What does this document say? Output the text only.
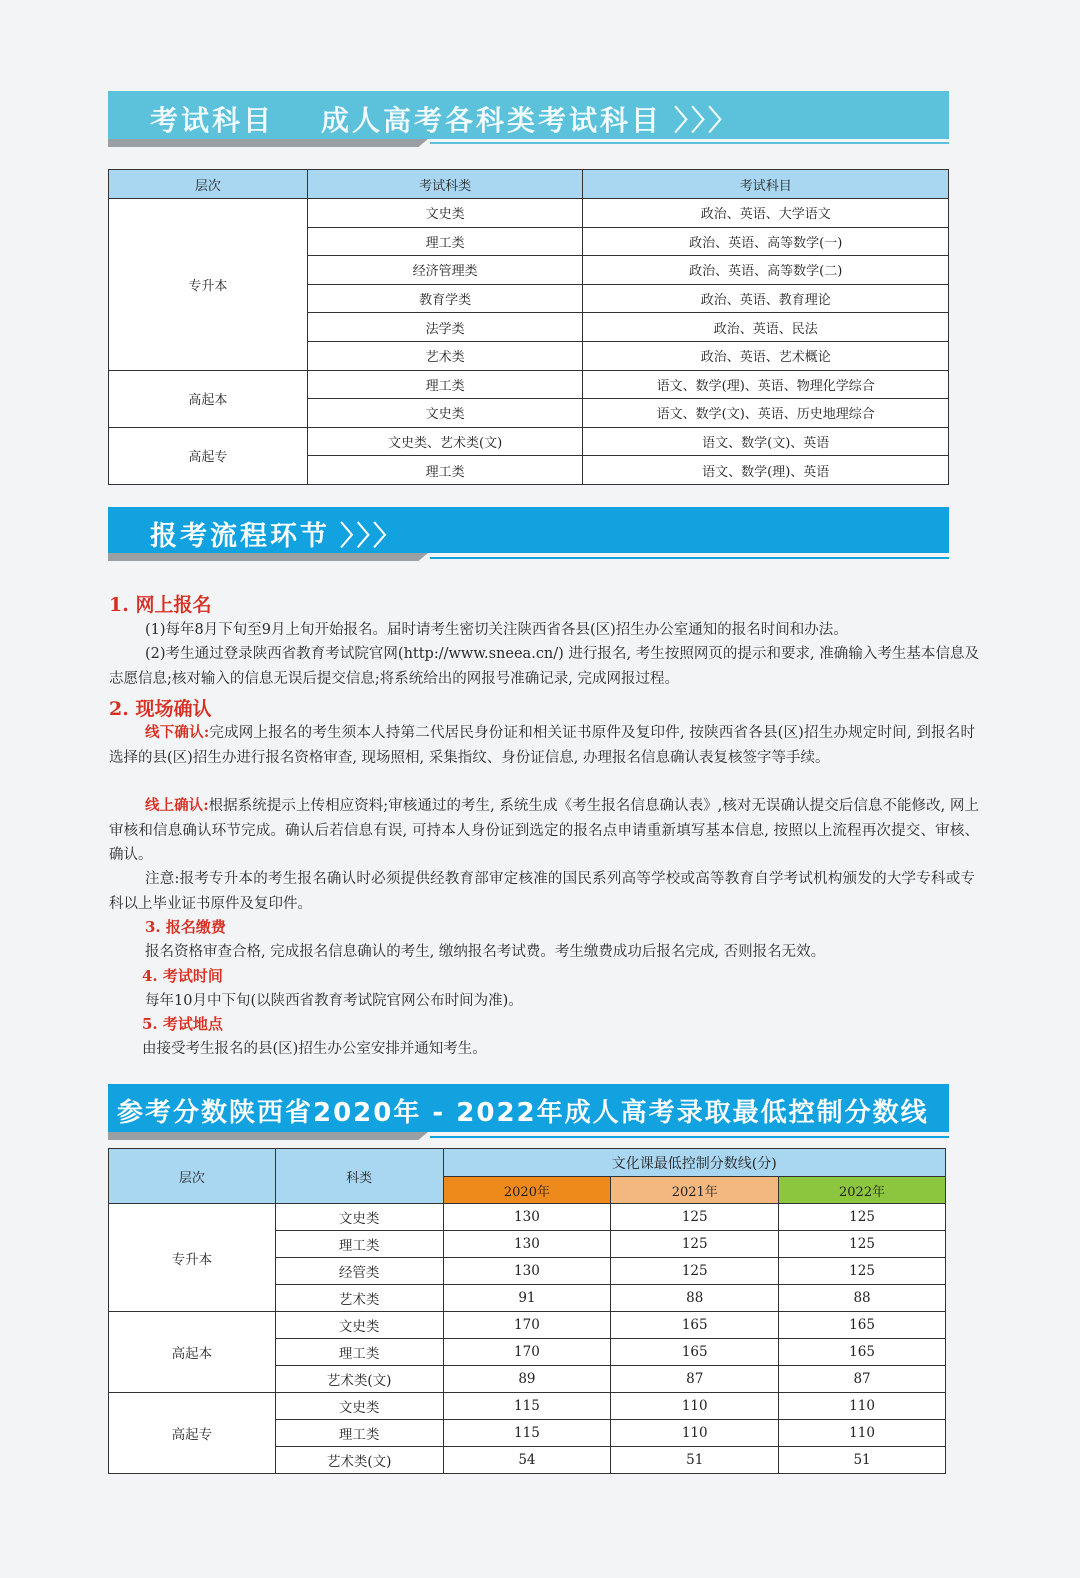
考试科目 成人高考各科类考试科目 〉〉〉
层次	考试科类	考试科目
专升本	文史类	政治、英语、大学语文
	理工类	政治、英语、高等数学(一)
	经济管理类	政治、英语、高等数学(二)
	教育学类	政治、英语、教育理论
	法学类	政治、英语、民法
	艺术类	政治、英语、艺术概论
高起本	理工类	语文、数学(理)、英语、物理化学综合
	文史类	语文、数学(文)、英语、历史地理综合
高起专	文史类、艺术类(文)	语文、数学(文)、英语
	理工类	语文、数学(理)、英语
报考流程环节 〉〉〉
1. 网上报名
(1)每年8月下旬至9月上旬开始报名。届时请考生密切关注陕西省各县(区)招生办公室通知的报名时间和办法。
(2)考生通过登录陕西省教育考试院官网(http://www.sneea.cn/) 进行报名, 考生按照网页的提示和要求, 准确输入考生基本信息及志愿信息;核对输入的信息无误后提交信息;将系统给出的网报号准确记录, 完成网报过程。
2. 现场确认
线下确认:完成网上报名的考生须本人持第二代居民身份证和相关证书原件及复印件, 按陕西省各县(区)招生办规定时间, 到报名时选择的县(区)招生办进行报名资格审查, 现场照相, 采集指纹、身份证信息, 办理报名信息确认表复核签字等手续。
线上确认:根据系统提示上传相应资料;审核通过的考生, 系统生成《考生报名信息确认表》,核对无误确认提交后信息不能修改, 网上审核和信息确认环节完成。确认后若信息有误, 可持本人身份证到选定的报名点申请重新填写基本信息, 按照以上流程再次提交、审核、确认。
注意:报考专升本的考生报名确认时必须提供经教育部审定核准的国民系列高等学校或高等教育自学考试机构颁发的大学专科或专科以上毕业证书原件及复印件。
3. 报名缴费
报名资格审查合格, 完成报名信息确认的考生, 缴纳报名考试费。考生缴费成功后报名完成, 否则报名无效。
4. 考试时间
每年10月中下旬(以陕西省教育考试院官网公布时间为准)。
5. 考试地点
由接受考生报名的县(区)招生办公室安排并通知考生。
参考分数陕西省2020年 - 2022年成人高考录取最低控制分数线
层次	科类	文化课最低控制分数线(分)		
		2020年	2021年	2022年
专升本	文史类	130	125	125
	理工类	130	125	125
	经管类	130	125	125
	艺术类	91	88	88
高起本	文史类	170	165	165
	理工类	170	165	165
	艺术类(文)	89	87	87
高起专	文史类	115	110	110
	理工类	115	110	110
	艺术类(文)	54	51	51
